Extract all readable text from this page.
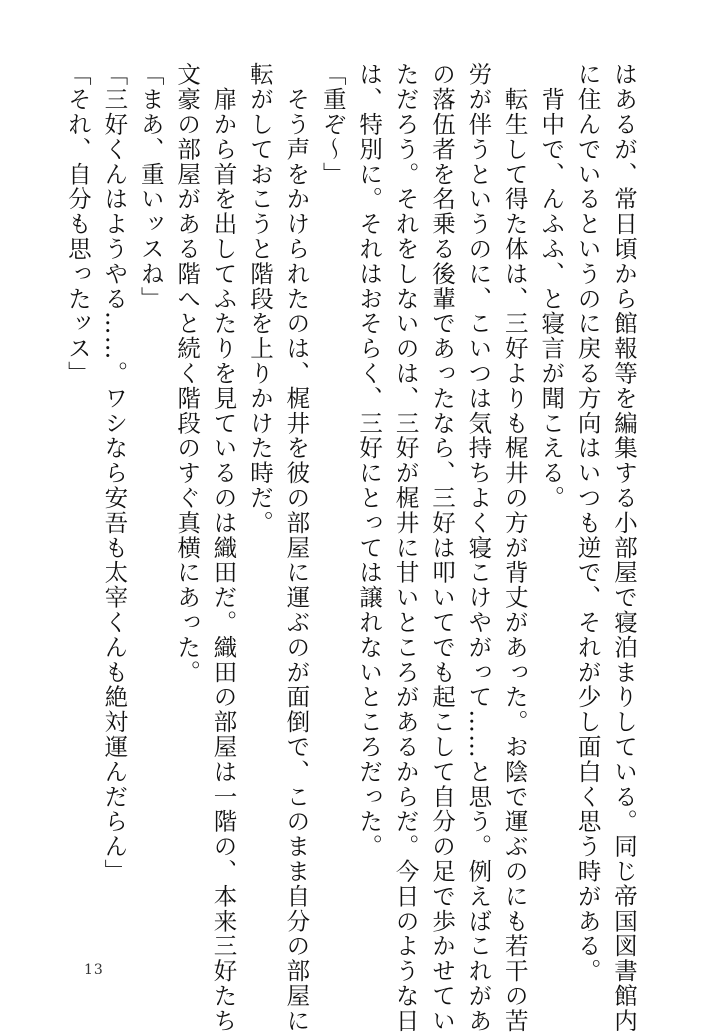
はあるが、常日頃から館報等を編集する小部屋で寝泊まりしている。同じ帝国図書館内
に住んでいるというのに戻る方向はいつも逆で、それが少し面白く思う時がある。
　背中で、んふふ、と寝言が聞こえる。
　転生して得た体は、三好よりも梶井の方が背丈があった。お陰で運ぶのにも若干の苦
労が伴うというのに、こいつは気持ちよく寝こけやがって……と思う。例えばこれがあ
の落伍者を名乗る後輩であったなら、三好は叩いてでも起こして自分の足で歩かせてい
ただろう。それをしないのは、三好が梶井に甘いところがあるからだ。今日のような日
は、特別に。それはおそらく、三好にとっては譲れないところだった。
「重ぞ～」
　そう声をかけられたのは、梶井を彼の部屋に運ぶのが面倒で、このまま自分の部屋に
転がしておこうと階段を上りかけた時だ。
　扉から首を出してふたりを見ているのは織田だ。織田の部屋は一階の、本来三好たち
文豪の部屋がある階へと続く階段のすぐ真横にあった。
「まあ、重いッスね」
「三好くんはようやる……。ワシなら安吾も太宰くんも絶対運んだらん」
「それ、自分も思ったッス」
13
